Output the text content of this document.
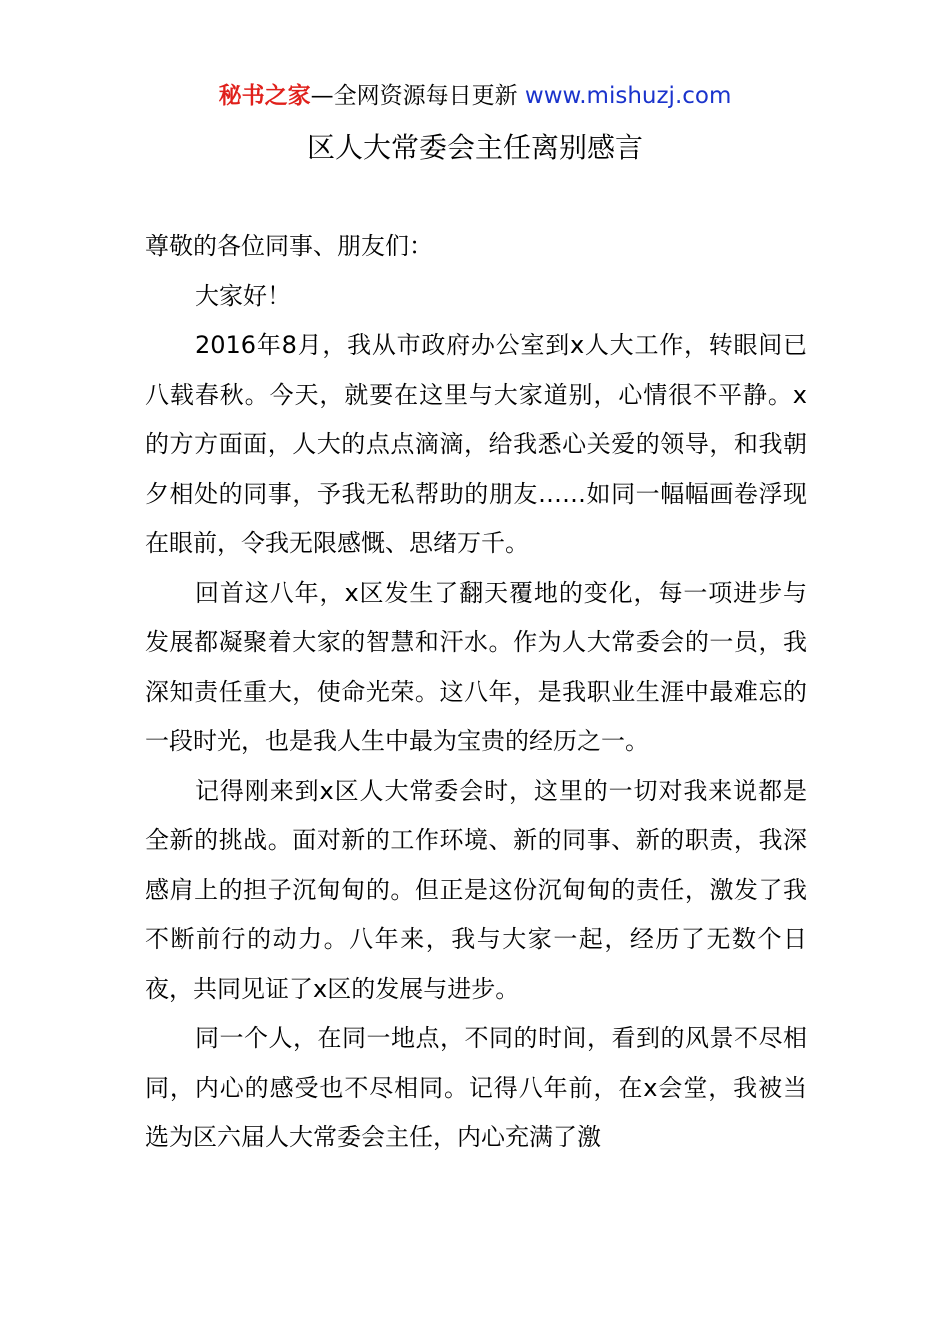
秘书之家—全网资源每日更新 www.mishuzj.com
区人大常委会主任离别感言

尊敬的各位同事、朋友们：

大家好！

2016年8月，我从市政府办公室到x人大工作，转眼间已八载春秋。今天，就要在这里与大家道别，心情很不平静。x的方方面面，人大的点点滴滴，给我悉心关爱的领导，和我朝夕相处的同事，予我无私帮助的朋友……如同一幅幅画卷浮现在眼前，令我无限感慨、思绪万千。

回首这八年，x区发生了翻天覆地的变化，每一项进步与发展都凝聚着大家的智慧和汗水。作为人大常委会的一员，我深知责任重大，使命光荣。这八年，是我职业生涯中最难忘的一段时光，也是我人生中最为宝贵的经历之一。

记得刚来到x区人大常委会时，这里的一切对我来说都是全新的挑战。面对新的工作环境、新的同事、新的职责，我深感肩上的担子沉甸甸的。但正是这份沉甸甸的责任，激发了我不断前行的动力。八年来，我与大家一起，经历了无数个日夜，共同见证了x区的发展与进步。

同一个人，在同一地点，不同的时间，看到的风景不尽相同，内心的感受也不尽相同。记得八年前，在x会堂，我被当选为区六届人大常委会主任，内心充满了激
